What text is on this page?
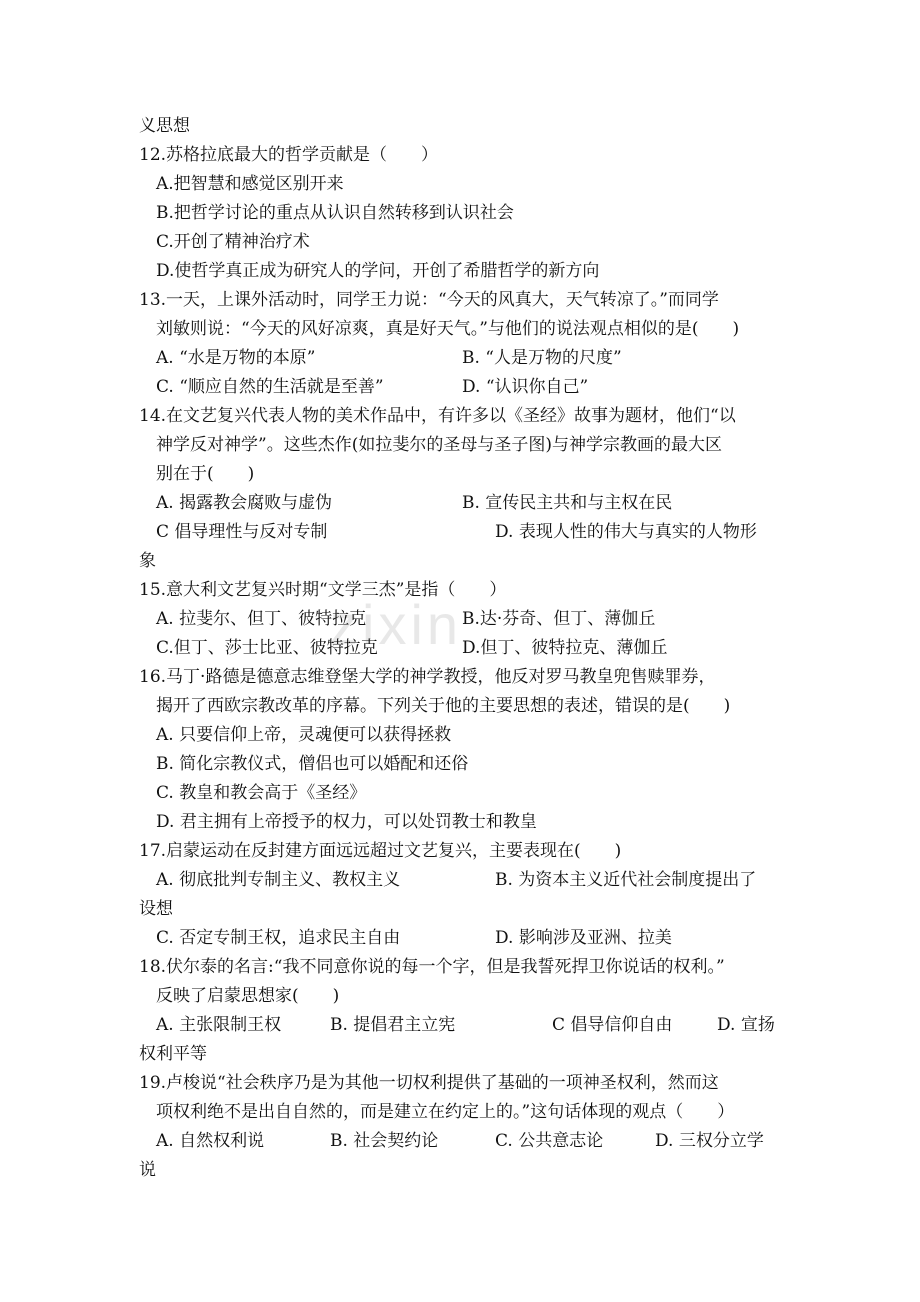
zixin
义思想
12.苏格拉底最大的哲学贡献是（　　）
A.把智慧和感觉区别开来
B.把哲学讨论的重点从认识自然转移到认识社会
C.开创了精神治疗术
D.使哲学真正成为研究人的学问，开创了希腊哲学的新方向
13.一天，上课外活动时，同学王力说：“今天的风真大，天气转凉了。”而同学
刘敏则说：“今天的风好凉爽，真是好天气。”与他们的说法观点相似的是(　　)
A. “水是万物的本原”	B. “人是万物的尺度”
C. “顺应自然的生活就是至善”	D. “认识你自己”
14.在文艺复兴代表人物的美术作品中，有许多以《圣经》故事为题材，他们“以
神学反对神学”。这些杰作(如拉斐尔的圣母与圣子图)与神学宗教画的最大区
别在于(　　)
A. 揭露教会腐败与虚伪	B. 宣传民主共和与主权在民
C 倡导理性与反对专制	D. 表现人性的伟大与真实的人物形
象
15.意大利文艺复兴时期“文学三杰”是指（　　）
A. 拉斐尔、但丁、彼特拉克	B.达·芬奇、但丁、薄伽丘
C.但丁、莎士比亚、彼特拉克	D.但丁、彼特拉克、薄伽丘
16.马丁·路德是德意志维登堡大学的神学教授，他反对罗马教皇兜售赎罪券，
揭开了西欧宗教改革的序幕。下列关于他的主要思想的表述，错误的是(　　)
A. 只要信仰上帝，灵魂便可以获得拯救
B. 简化宗教仪式，僧侣也可以婚配和还俗
C. 教皇和教会高于《圣经》
D. 君主拥有上帝授予的权力，可以处罚教士和教皇
17.启蒙运动在反封建方面远远超过文艺复兴，主要表现在(　　)
A. 彻底批判专制主义、教权主义	B. 为资本主义近代社会制度提出了
设想
C. 否定专制王权，追求民主自由	D. 影响涉及亚洲、拉美
18.伏尔泰的名言:“我不同意你说的每一个字，但是我誓死捍卫你说话的权利。”
反映了启蒙思想家(　　)
A. 主张限制王权	B. 提倡君主立宪	C 倡导信仰自由	D. 宣扬
权利平等
19.卢梭说“社会秩序乃是为其他一切权利提供了基础的一项神圣权利，然而这
项权利绝不是出自自然的，而是建立在约定上的。”这句话体现的观点（　　）
A. 自然权利说	B. 社会契约论	C. 公共意志论	D. 三权分立学
说
